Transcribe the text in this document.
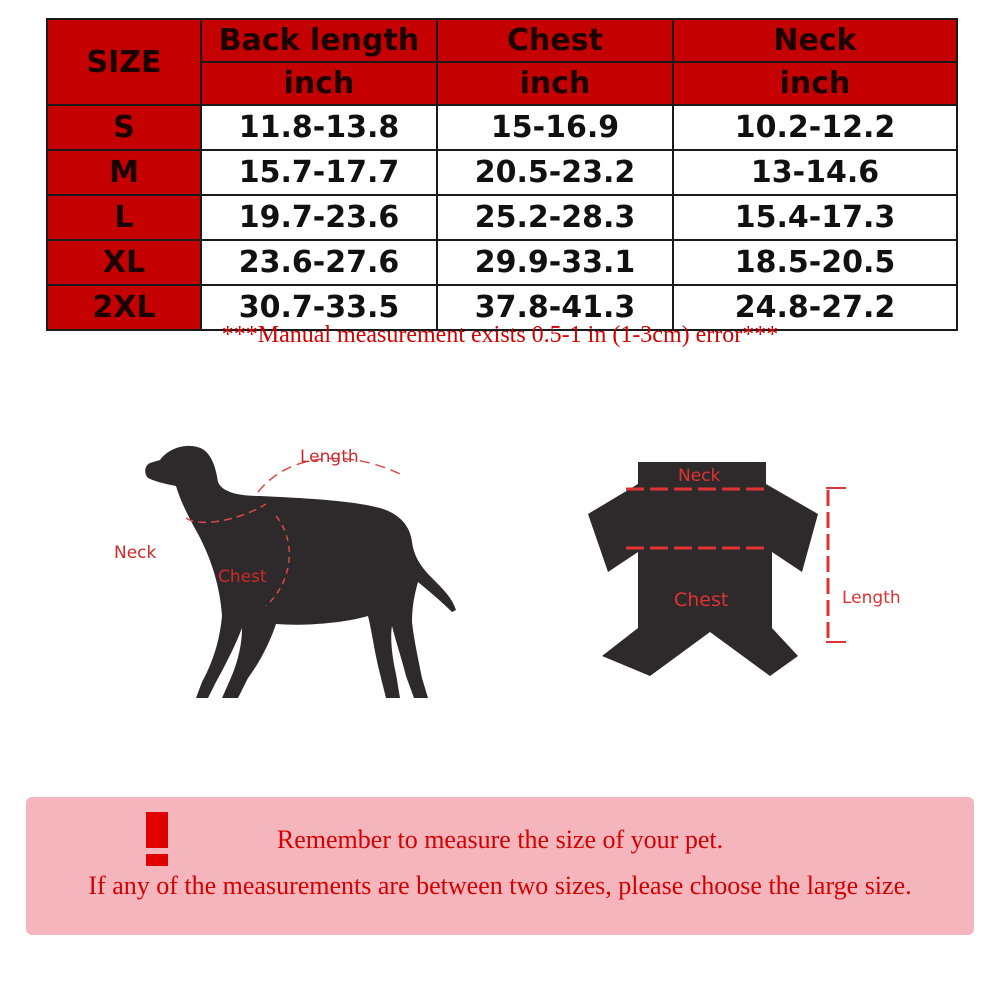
SIZE	Back length	Chest	Neck
	inch	inch	inch
S	11.8-13.8	15-16.9	10.2-12.2
M	15.7-17.7	20.5-23.2	13-14.6
L	19.7-23.6	25.2-28.3	15.4-17.3
XL	23.6-27.6	29.9-33.1	18.5-20.5
2XL	30.7-33.5	37.8-41.3	24.8-27.2

***Manual measurement exists 0.5-1 in (1-3cm) error***

Length
Neck
Chest
Neck
Chest	Length
Remember to measure the size of your pet.
If any of the measurements are between two sizes, please choose the large size.
